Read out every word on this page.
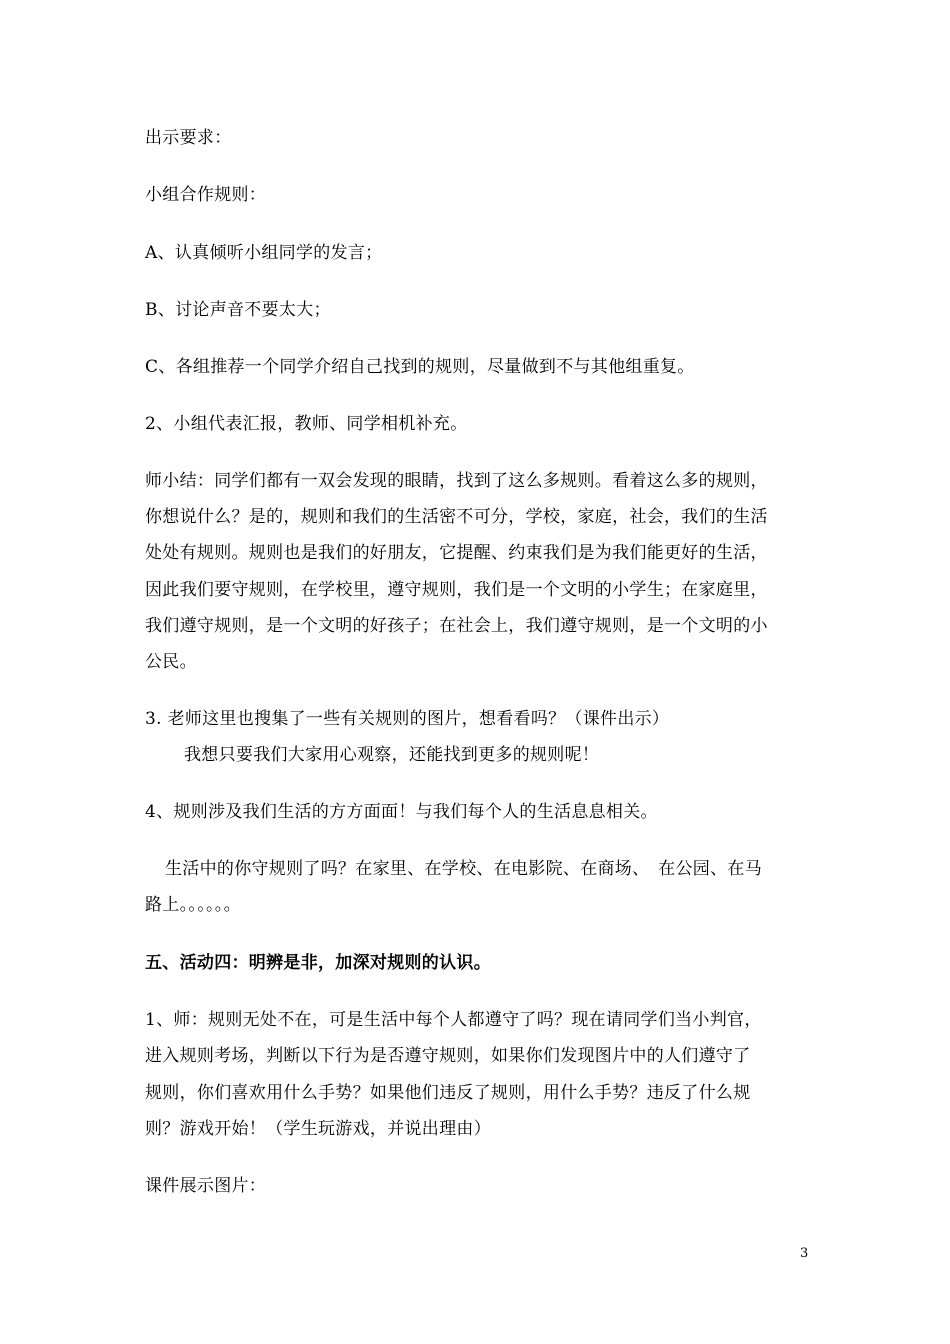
出示要求：
小组合作规则：
A、认真倾听小组同学的发言；
B、讨论声音不要太大；
C、各组推荐一个同学介绍自己找到的规则，尽量做到不与其他组重复。
2、小组代表汇报，教师、同学相机补充。
师小结：同学们都有一双会发现的眼睛，找到了这么多规则。看着这么多的规则，
你想说什么？是的，规则和我们的生活密不可分，学校，家庭，社会，我们的生活
处处有规则。规则也是我们的好朋友，它提醒、约束我们是为我们能更好的生活，
因此我们要守规则，在学校里，遵守规则，我们是一个文明的小学生；在家庭里，
我们遵守规则，是一个文明的好孩子；在社会上，我们遵守规则，是一个文明的小
公民。
3. 老师这里也搜集了一些有关规则的图片，想看看吗？（课件出示）
我想只要我们大家用心观察，还能找到更多的规则呢！
4、规则涉及我们生活的方方面面！与我们每个人的生活息息相关。
生活中的你守规则了吗？在家里、在学校、在电影院、在商场、　在公园、在马
路上。。。。。。
五、活动四：明辨是非，加深对规则的认识。
1、师：规则无处不在，可是生活中每个人都遵守了吗？现在请同学们当小判官，
进入规则考场，判断以下行为是否遵守规则，如果你们发现图片中的人们遵守了
规则，你们喜欢用什么手势？如果他们违反了规则，用什么手势？违反了什么规
则？游戏开始！（学生玩游戏，并说出理由）
课件展示图片：
3
